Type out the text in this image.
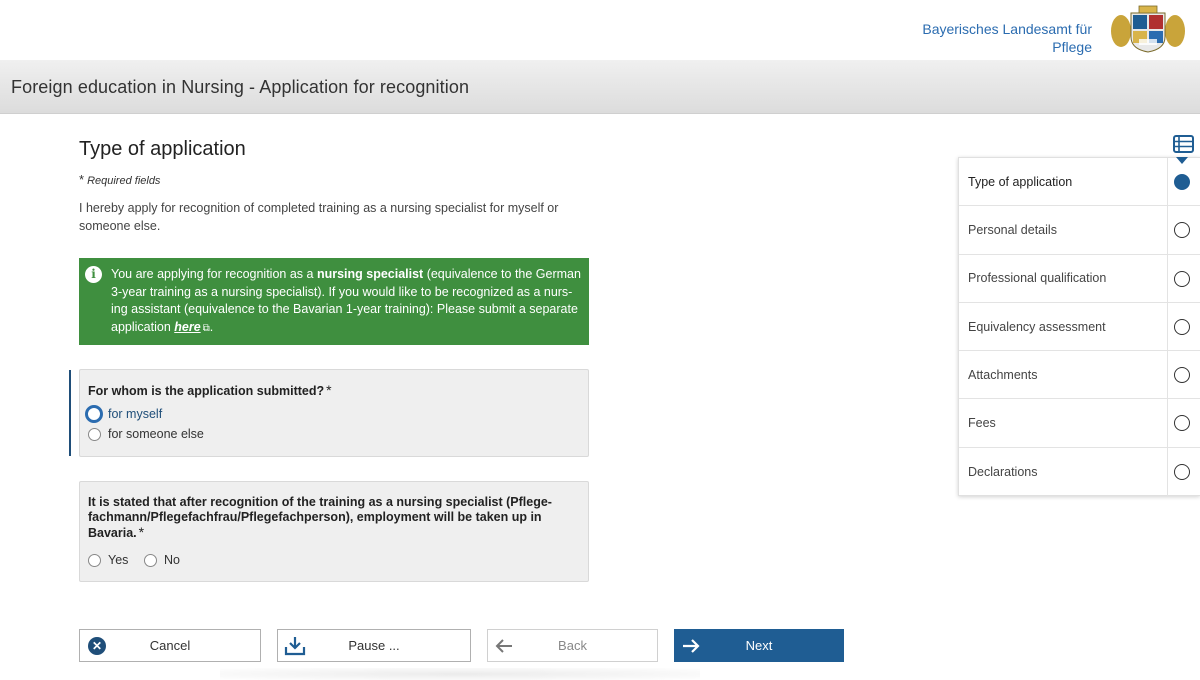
Bayerisches Landesamt für
Pflege
Foreign education in Nursing - Application for recognition
Type of application
* Required fields

I hereby apply for recognition of completed training as a nursing specialist for myself or someone else.

i	You are applying for recognition as a nursing specialist (equivalence to the German 3-year training as a nursing specialist). If you would like to be recognized as a nurs-ing assistant (equivalence to the Bavarian 1-year training): Please submit a separate application here ⧉.
For whom is the application submitted? *
for myself
for someone else
It is stated that after recognition of the training as a nursing specialist (Pflege-fachmann/Pflegefachfrau/Pflegefachperson), employment will be taken up in Bavaria. *
Yes	No
✕	Cancel	Pause ...	Back	Next
Type of application
Personal details
Professional qualification
Equivalency assessment
Attachments
Fees
Declarations
